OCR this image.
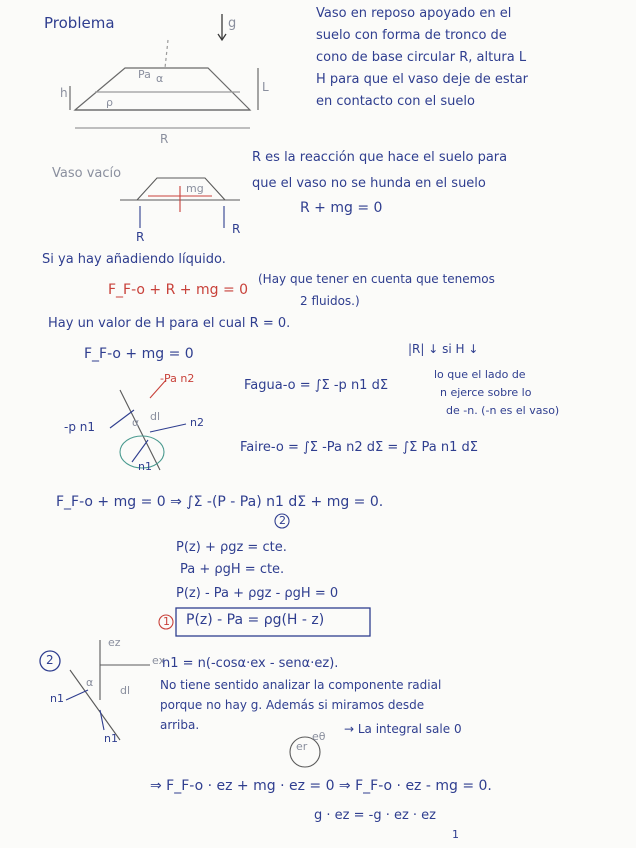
Problema	g
Vaso en reposo apoyado en el
suelo con forma de tronco de
cono de base circular R, altura L
H para que el vaso deje de estar
en contacto con el suelo
h
Pa
ρ
L
R
α
Vaso vacío
R es la reacción que hace el suelo para
que el vaso no se hunda en el suelo
R + mg = 0
R
R
mg
Si ya hay añadiendo líquido.
F_F-o + R + mg = 0
(Hay que tener en cuenta que tenemos
2 fluidos.)
Hay un valor de H para el cual R = 0.
|R| ↓ si H ↓
F_F-o + mg = 0
-Pa n2
-p n1	n2
n1
dl
α
Fagua-o = ∫Σ -p n1 dΣ
lo que el lado de
n ejerce sobre lo
de -n. (-n es el vaso)
Faire-o = ∫Σ -Pa n2 dΣ = ∫Σ Pa n1 dΣ
F_F-o + mg = 0 ⇒ ∫Σ -(P - Pa) n1 dΣ + mg = 0.
2
P(z) + ρgz = cte.
Pa + ρgH = cte.
P(z) - Pa + ρgz - ρgH = 0
1 P(z) - Pa = ρg(H - z)
2
ez
ex
n1
n1
α
dl
n1 = n(-cosα·ex - senα·ez).
No tiene sentido analizar la componente radial
porque no hay g. Además si miramos desde
arriba.	→ La integral sale 0
er
eθ
⇒ F_F-o · ez + mg · ez = 0 ⇒ F_F-o · ez - mg = 0.
g · ez = -g · ez · ez
1
